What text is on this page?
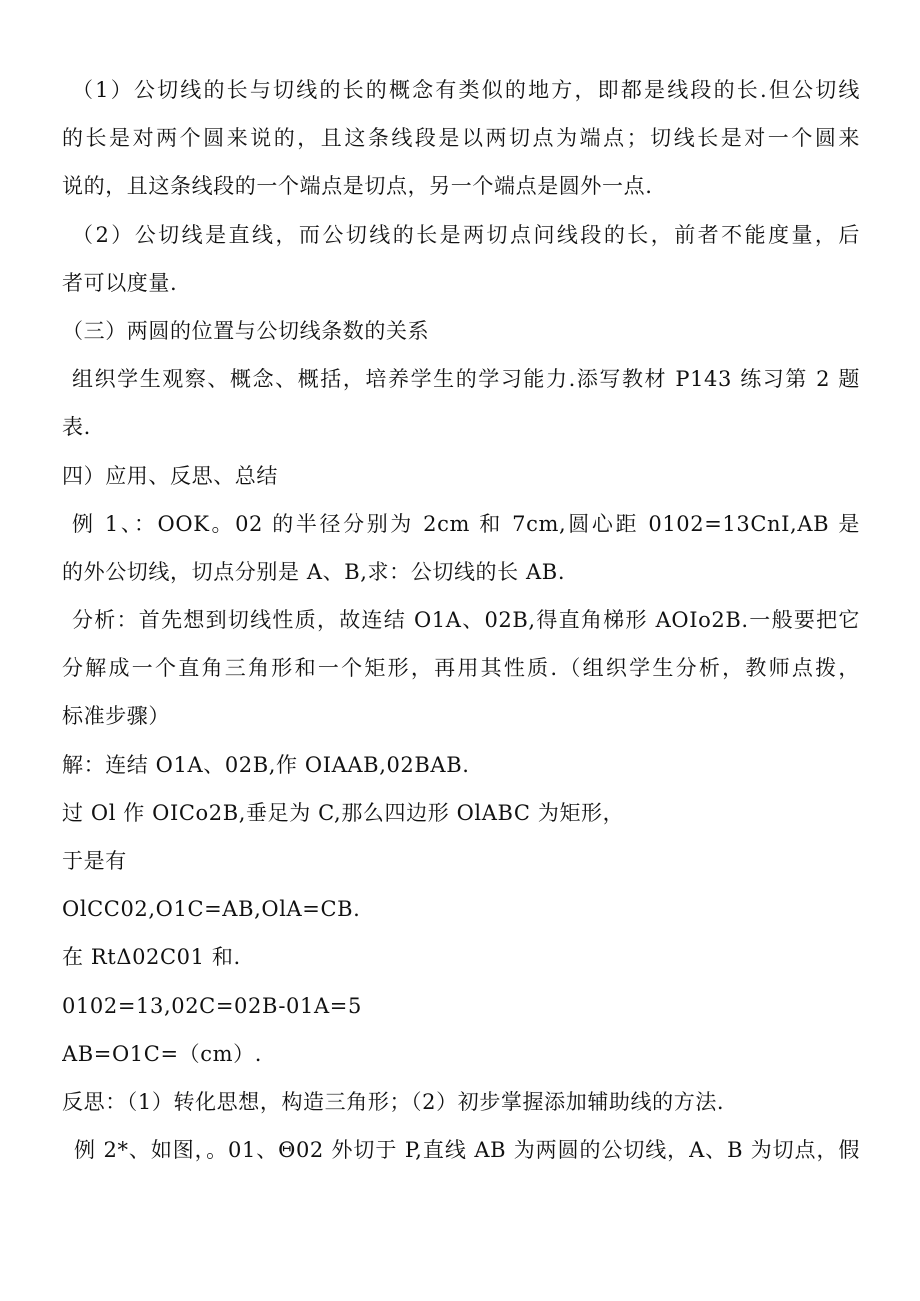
（1）公切线的长与切线的长的概念有类似的地方，即都是线段的长.但公切线
的长是对两个圆来说的，且这条线段是以两切点为端点；切线长是对一个圆来
说的，且这条线段的一个端点是切点，另一个端点是圆外一点.
（2）公切线是直线，而公切线的长是两切点问线段的长，前者不能度量，后
者可以度量.
（三）两圆的位置与公切线条数的关系
组织学生观察、概念、概括，培养学生的学习能力.添写教材 P143 练习第 2 题
表.
四）应用、反思、总结
例 1、：OOK。02 的半径分别为 2cm 和 7cm,圆心距 0102=13CnI,AB 是
的外公切线，切点分别是 A、B,求：公切线的长 AB.
分析：首先想到切线性质，故连结 O1A、02B,得直角梯形 AOIo2B.一般要把它
分解成一个直角三角形和一个矩形，再用其性质.（组织学生分析，教师点拨，
标准步骤）
解：连结 O1A、02B,作 OIAAB,02BAB.
过 Ol 作 OICo2B,垂足为 C,那么四边形 OlABC 为矩形，
于是有
OlCC02,O1C=AB,OlA=CB.
在 RtΔ02C01 和.
0102=13,02C=02B-01A=5
AB=O1C=（cm）.
反思：（1）转化思想，构造三角形；（2）初步掌握添加辅助线的方法.
例 2*、如图，。01、Θ02 外切于 P,直线 AB 为两圆的公切线，A、B 为切点，假
